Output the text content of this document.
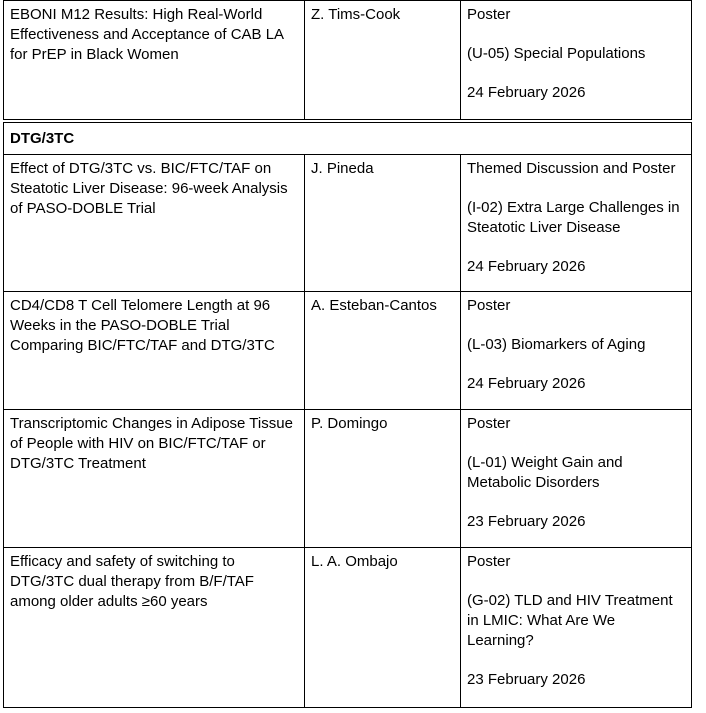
EBONI M12 Results: High Real-World Effectiveness and Acceptance of CAB LA for PrEP in Black Women	Z. Tims-Cook	Poster
(U-05) Special Populations
24 February 2026

DTG/3TC		

Effect of DTG/3TC vs. BIC/FTC/TAF on Steatotic Liver Disease: 96-week Analysis of PASO-DOBLE Trial	J. Pineda	Themed Discussion and Poster
(I-02) Extra Large Challenges in Steatotic Liver Disease
24 February 2026

CD4/CD8 T Cell Telomere Length at 96 Weeks in the PASO-DOBLE Trial Comparing BIC/FTC/TAF and DTG/3TC	A. Esteban-Cantos	Poster
(L-03) Biomarkers of Aging
24 February 2026

Transcriptomic Changes in Adipose Tissue of People with HIV on BIC/FTC/TAF or DTG/3TC Treatment	P. Domingo	Poster
(L-01) Weight Gain and Metabolic Disorders
23 February 2026

Efficacy and safety of switching to DTG/3TC dual therapy from B/F/TAF among older adults ≥60 years	L. A. Ombajo	Poster
(G-02) TLD and HIV Treatment in LMIC: What Are We Learning?
23 February 2026
